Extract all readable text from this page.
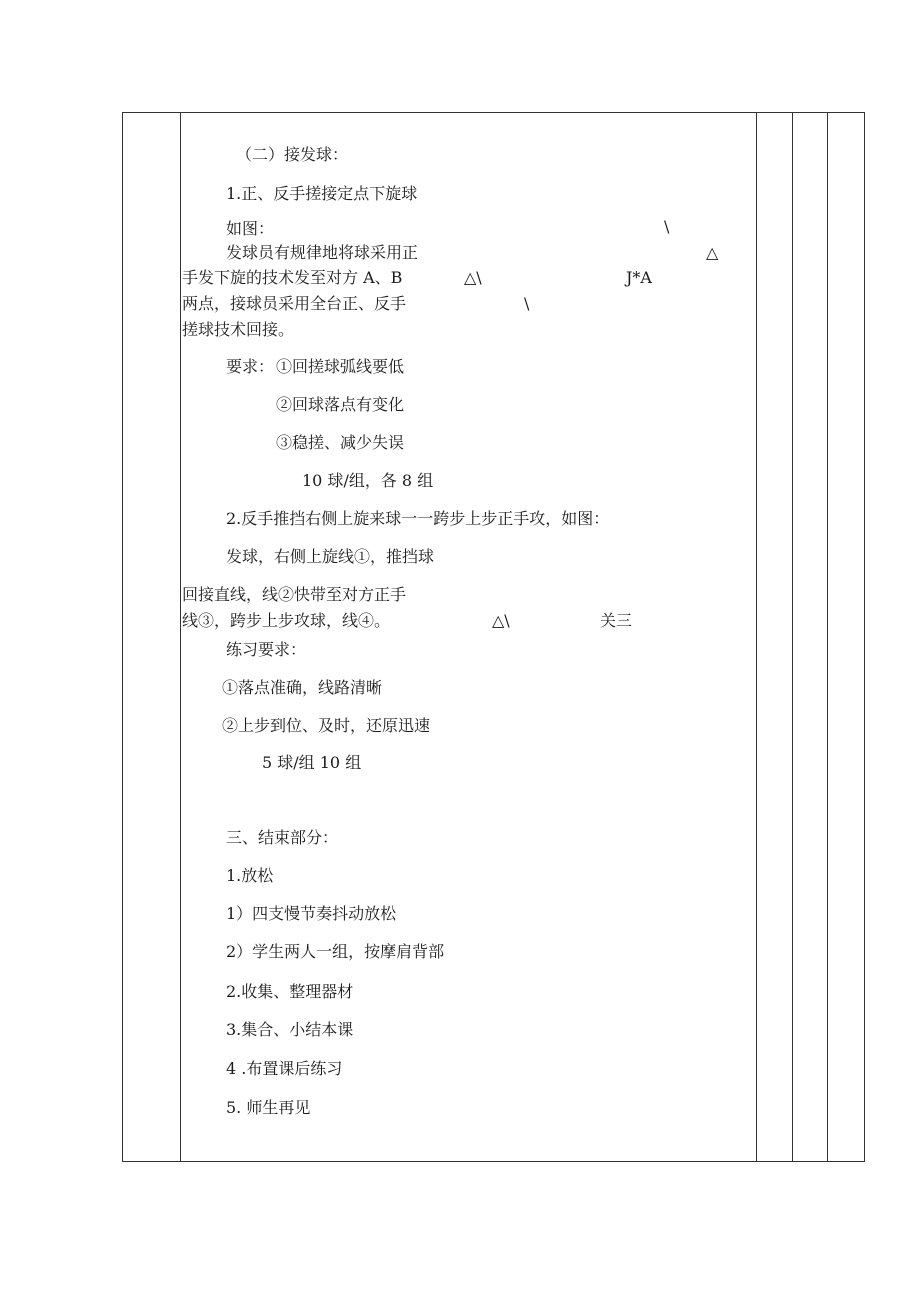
（二）接发球：
1.正、反手搓接定点下旋球
如图：	\
发球员有规律地将球采用正	△
手发下旋的技术发至对方 A、B	△\	J*A
两点，接球员采用全台正、反手	\
搓球技术回接。
要求： ①回搓球弧线要低
②回球落点有变化
③稳搓、减少失误
10 球/组，各 8 组
2.反手推挡右侧上旋来球一一跨步上步正手攻，如图：
发球，右侧上旋线①，推挡球
回接直线，线②快带至对方正手
线③，跨步上步攻球，线④。	△\	关三
练习要求：
①落点准确，线路清晰
②上步到位、及时，还原迅速
5 球/组 10 组
三、结束部分：
1.放松
1）四支慢节奏抖动放松
2）学生两人一组，按摩肩背部
2.收集、整理器材
3.集合、小结本课
4 .布置课后练习
5. 师生再见
